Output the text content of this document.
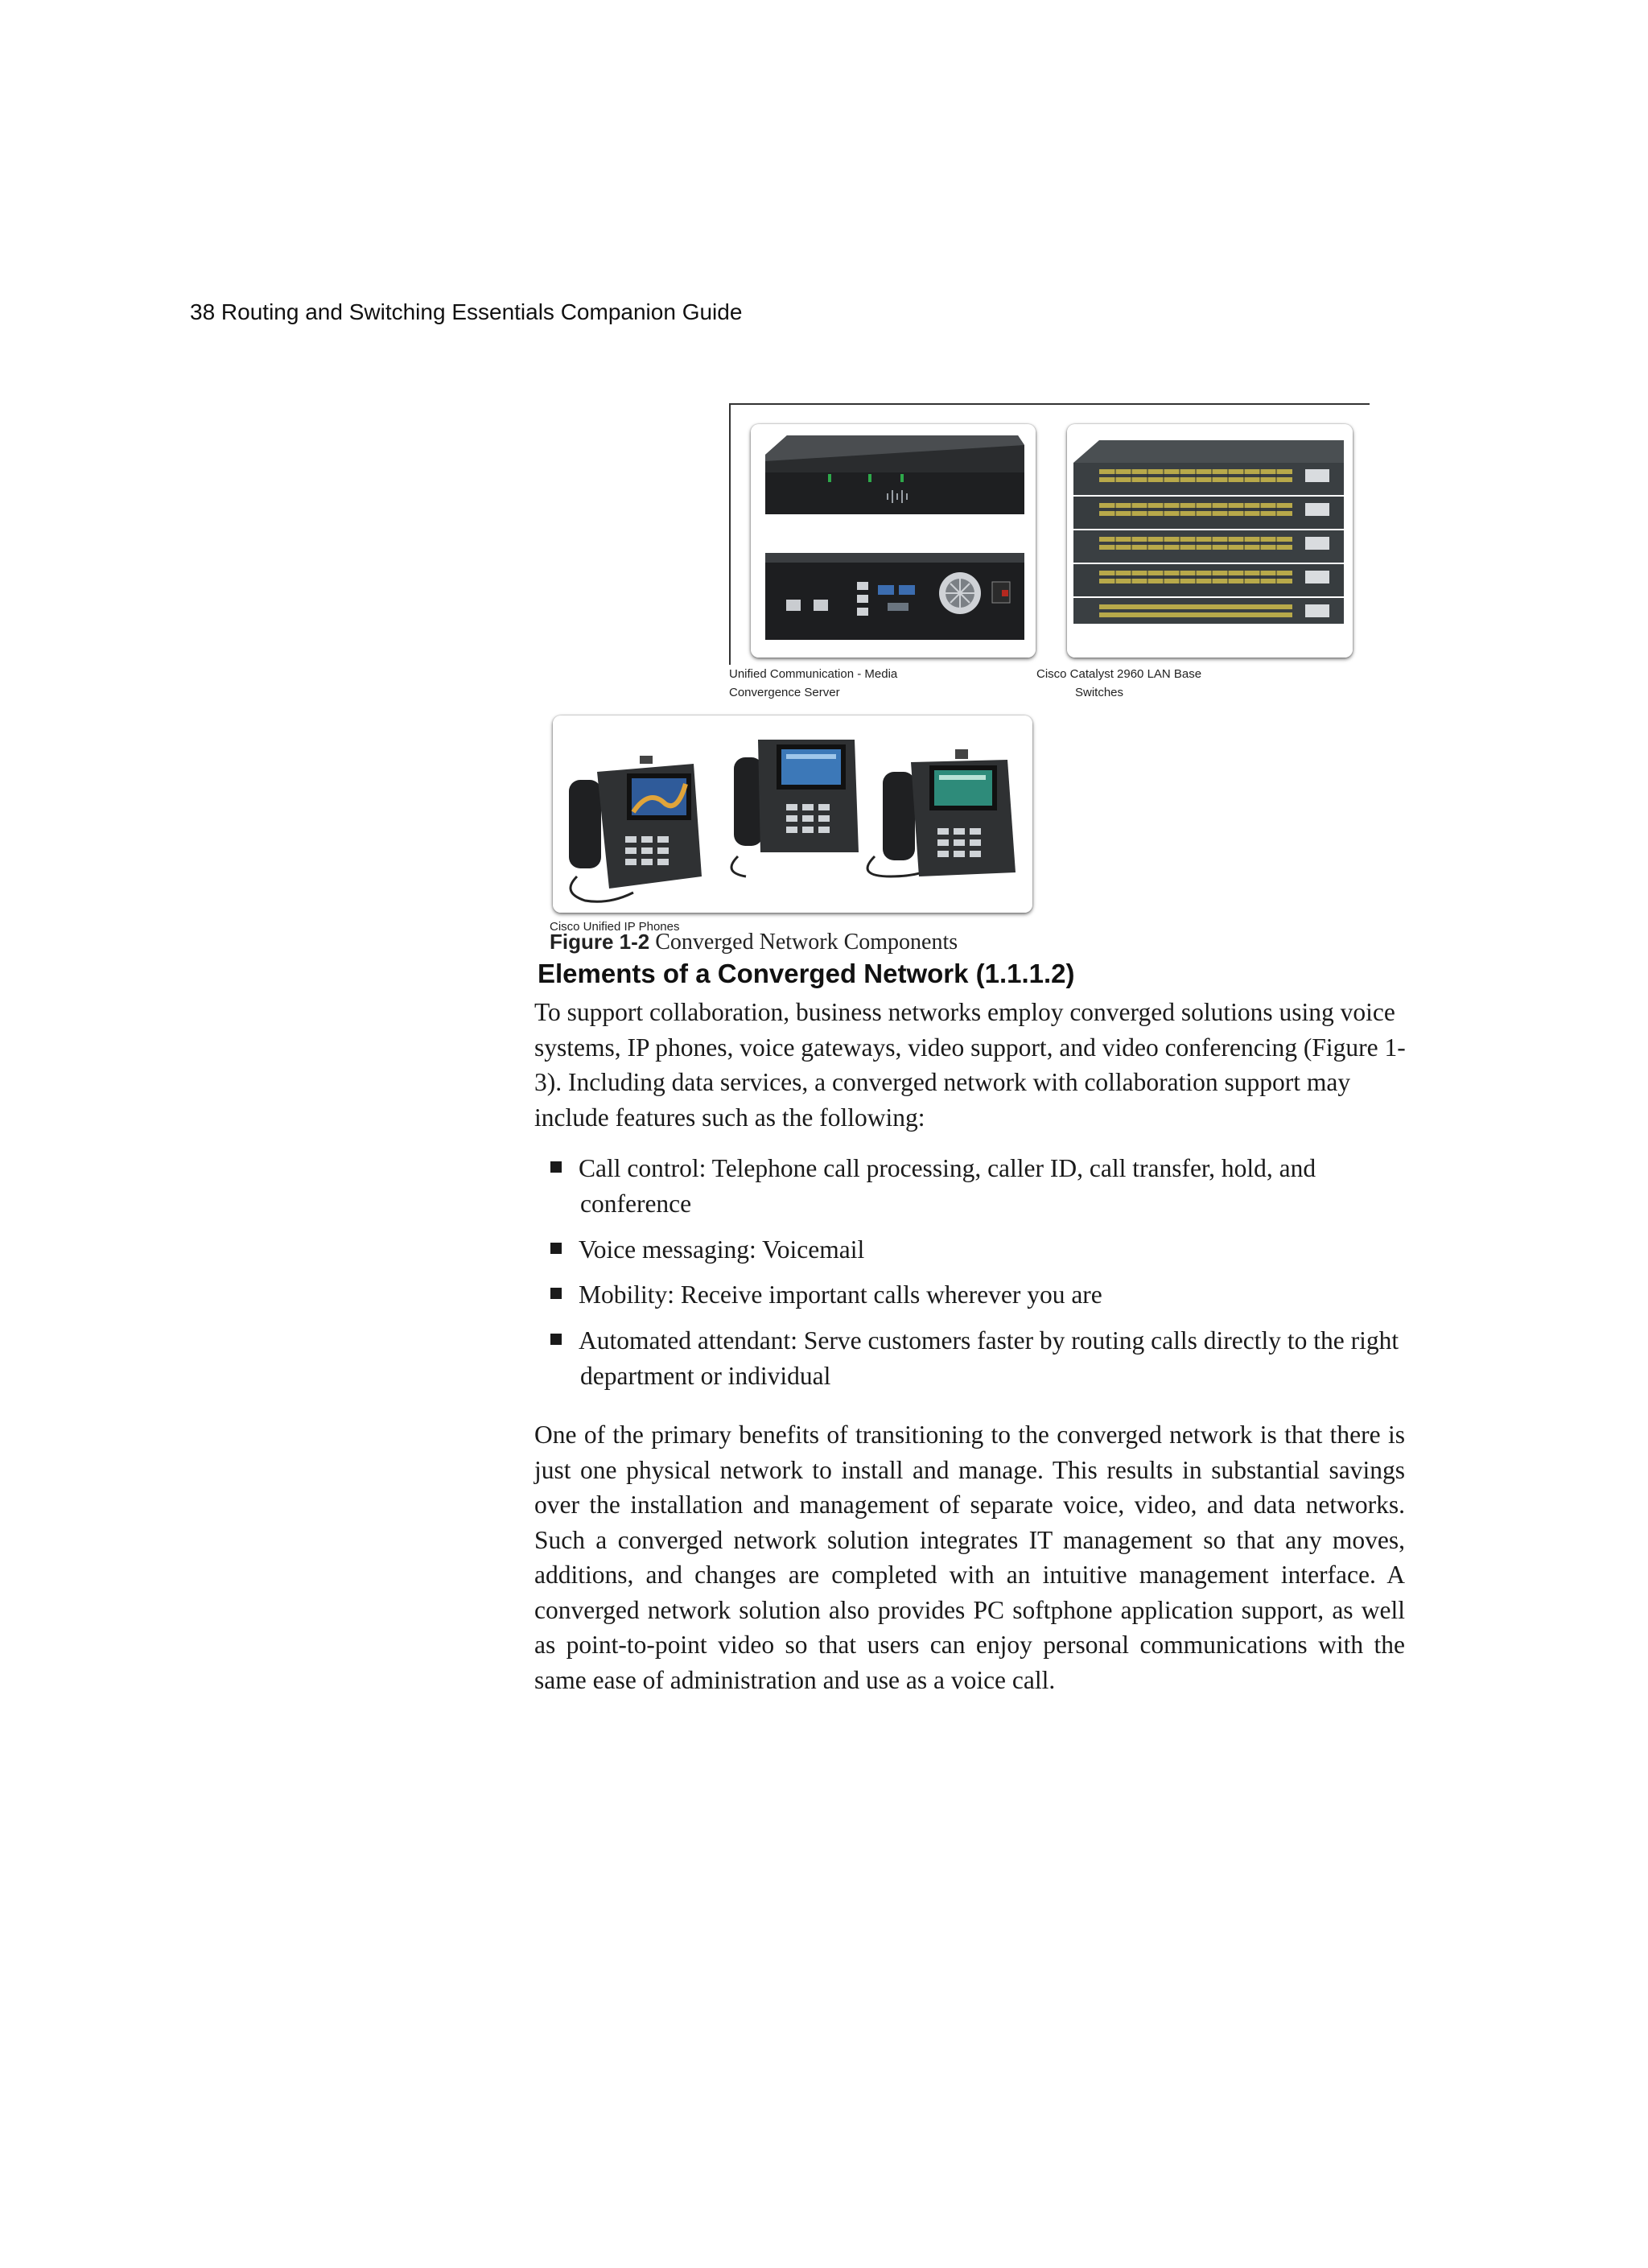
38 Routing and Switching Essentials Companion Guide
Unified Communication - Media
Convergence Server
Cisco Catalyst 2960 LAN Base
Switches
Cisco Unified IP Phones
Figure 1-2 Converged Network Components
Elements of a Converged Network (1.1.1.2)

To support collaboration, business networks employ converged solutions using voice systems, IP phones, voice gateways, video support, and video conferencing (Figure 1-3). Including data services, a converged network with collaboration support may include features such as the following:

Call control: Telephone call processing, caller ID, call transfer, hold, and conference
Voice messaging: Voicemail
Mobility: Receive important calls wherever you are
Automated attendant: Serve customers faster by routing calls directly to the right department or individual

One of the primary benefits of transitioning to the converged network is that there is just one physical network to install and manage. This results in substantial savings over the installation and management of separate voice, video, and data networks. Such a converged network solution integrates IT management so that any moves, additions, and changes are completed with an intuitive management interface. A converged network solution also provides PC softphone application support, as well as point-to-point video so that users can enjoy personal communications with the same ease of administration and use as a voice call.
